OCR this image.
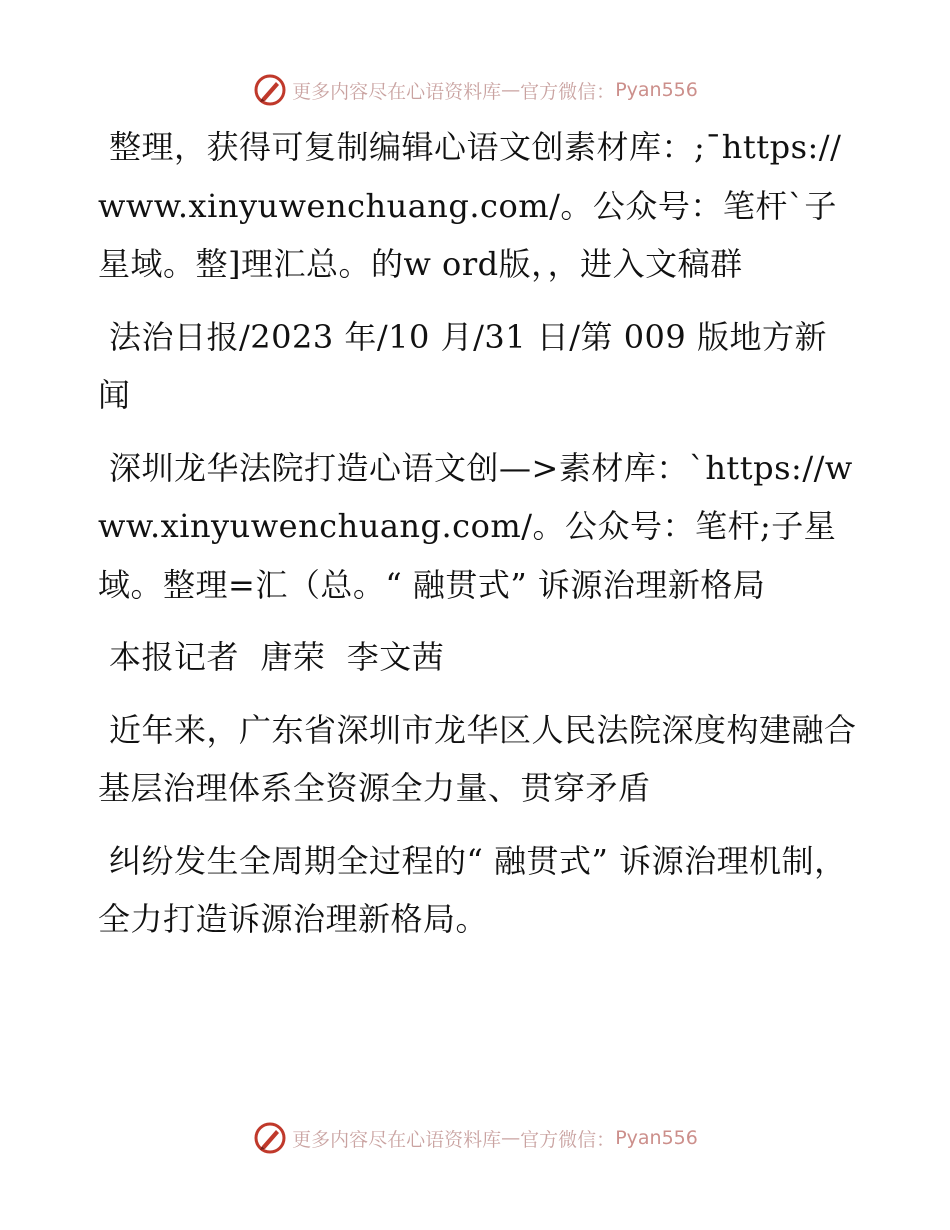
更多内容尽在心语资料库 — 官方微信： Pyan556

整理，获得可复制编辑心语文创素材库：;¯https://www.xinyuwenchuang.com/。公众号：笔杆`子星域。整]理汇总。的w ord版，，进入文稿群

法治日报/2023 年/10 月/31 日/第 009 版地方新闻

深圳龙华法院打造心语文创—>素材库：`https://www.xinyuwenchuang.com/。公众号：笔杆;子星域。整理=汇（总。“ 融贯式” 诉源治理新格局

本报记者  唐荣  李文茜

近年来，广东省深圳市龙华区人民法院深度构建融合基层治理体系全资源全力量、贯穿矛盾

纠纷发生全周期全过程的“ 融贯式” 诉源治理机制，全力打造诉源治理新格局。

更多内容尽在心语资料库 — 官方微信： Pyan556
